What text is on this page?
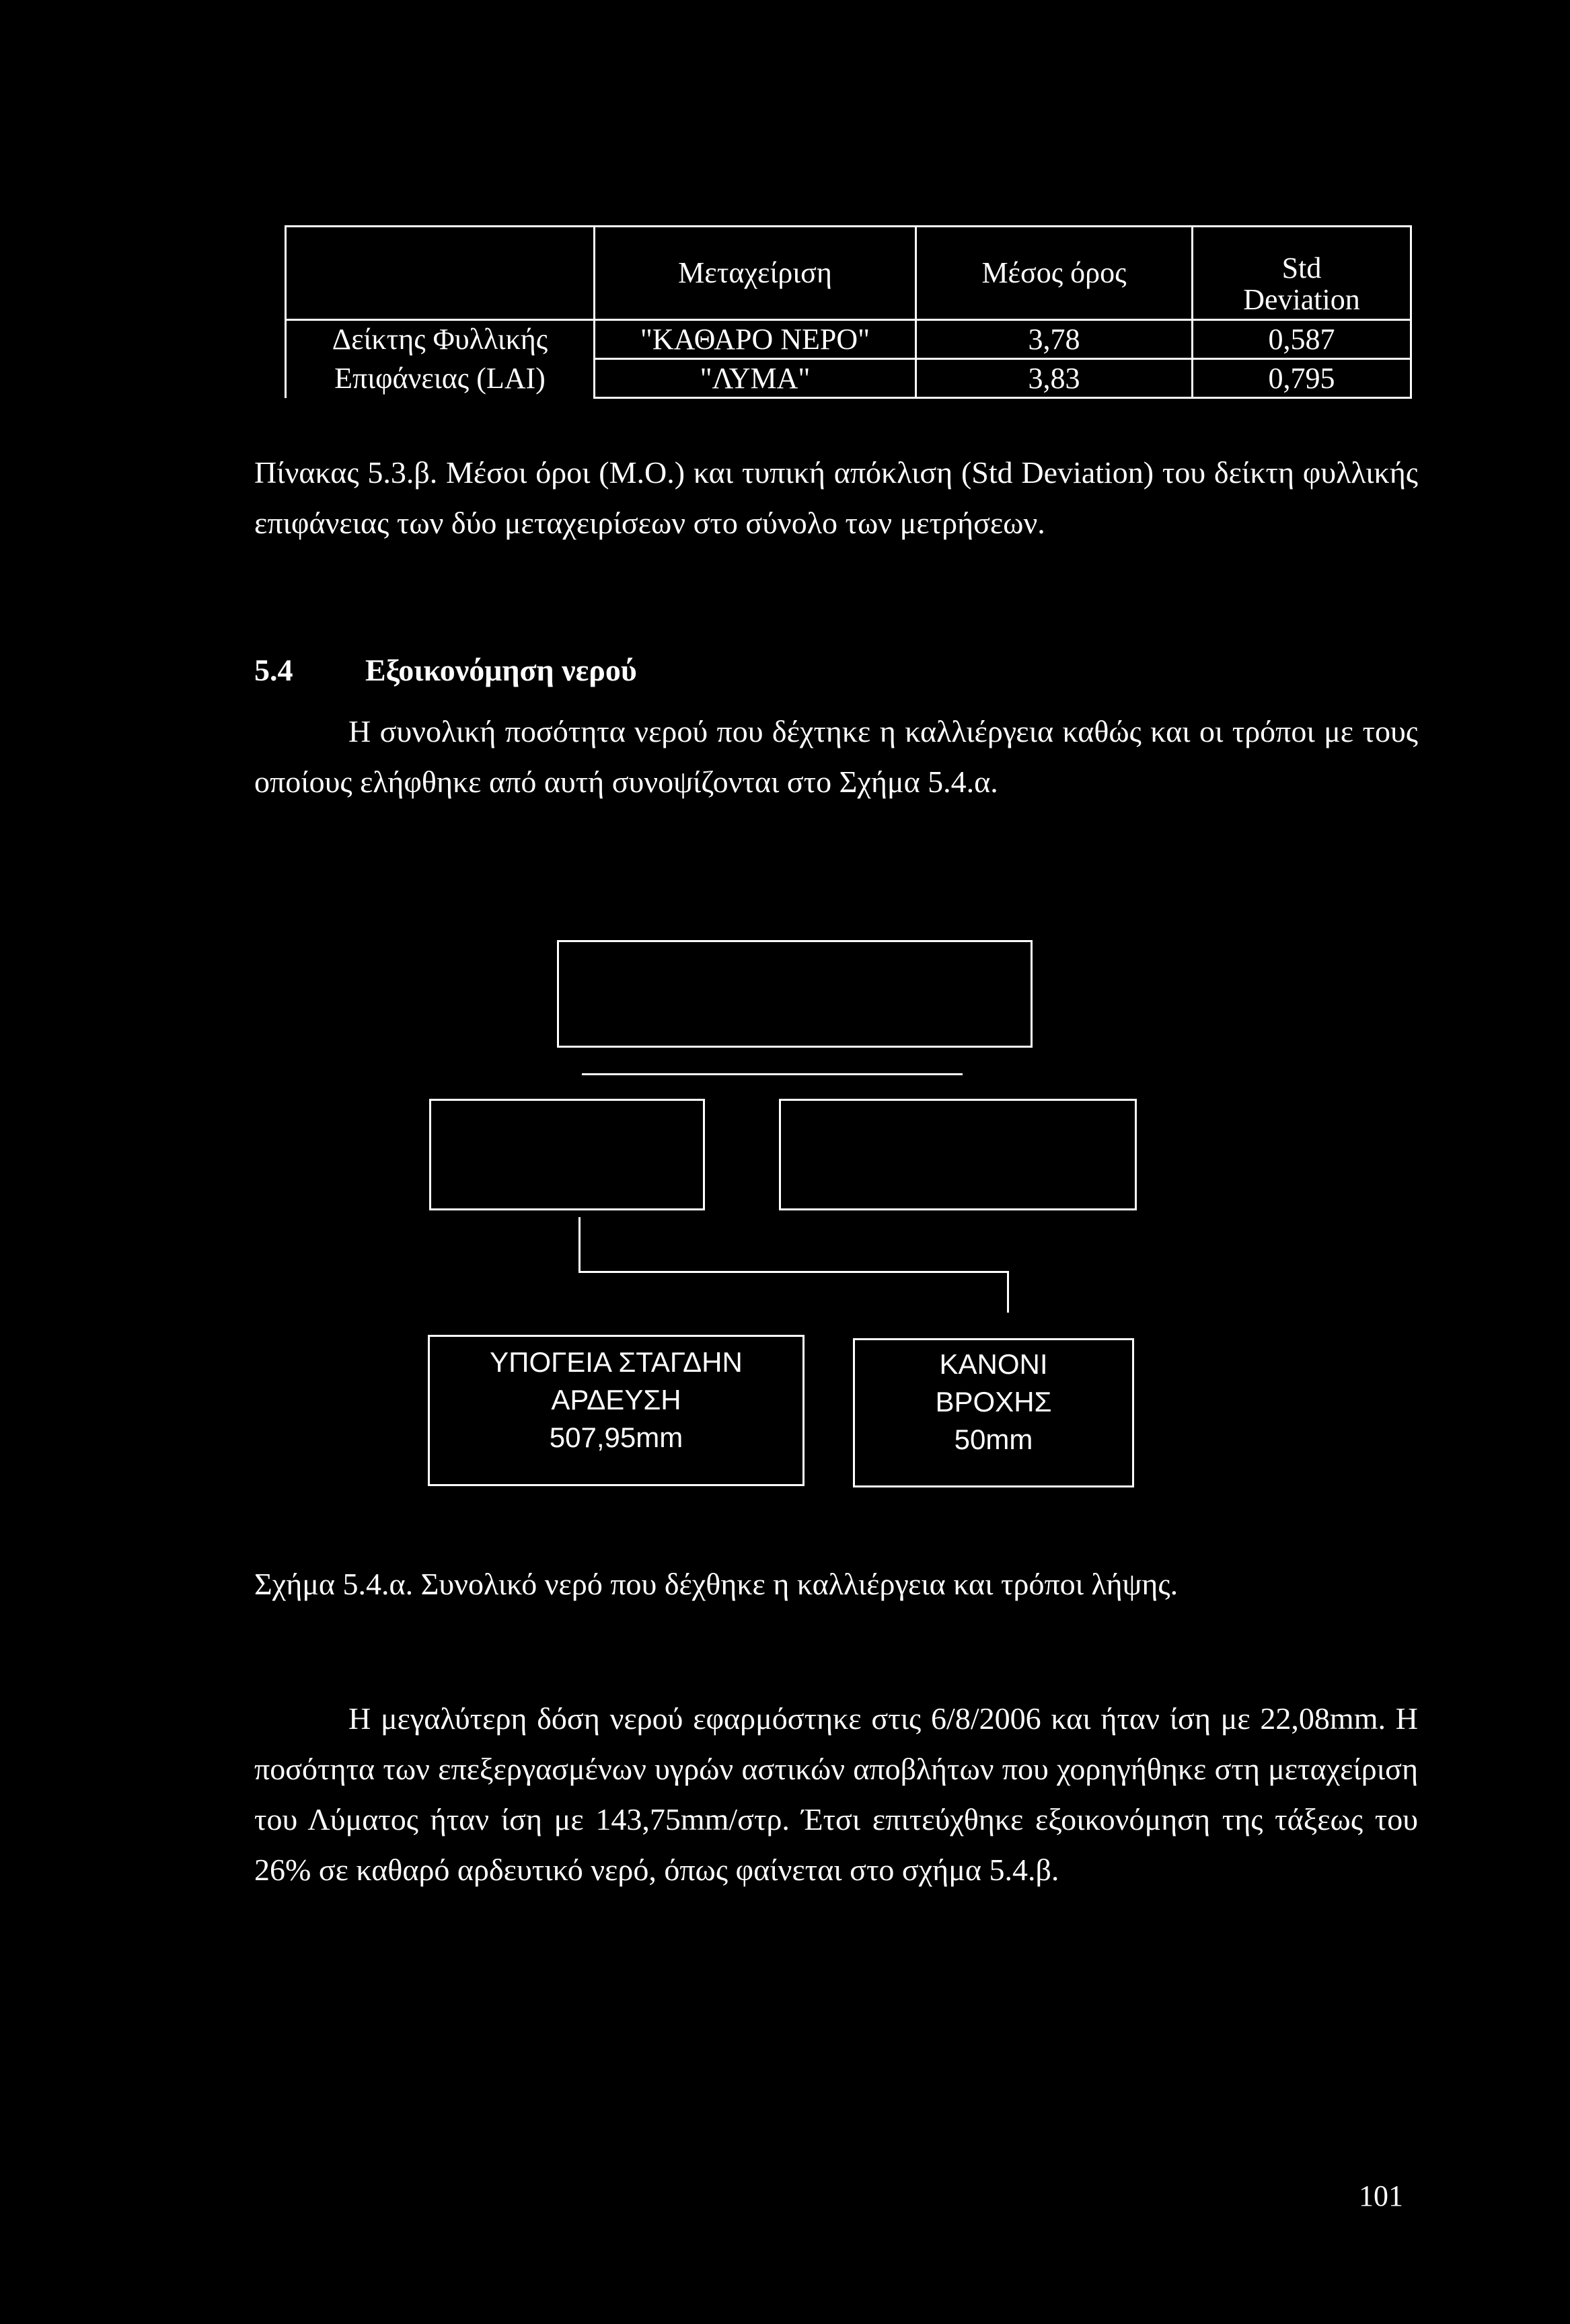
	Μεταχείριση	Μέσος όρος	Std
Deviation
Δείκτης Φυλλικής	"ΚΑΘΑΡΟ ΝΕΡΟ"	3,78	0,587
Επιφάνειας (LAI)	"ΛΥΜΑ"	3,83	0,795

Πίνακας 5.3.β. Μέσοι όροι (Μ.Ο.) και τυπική απόκλιση (Std Deviation) του δείκτη φυλλικής επιφάνειας των δύο μεταχειρίσεων στο σύνολο των μετρήσεων.

5.4 Εξοικονόμηση νερού

Η συνολική ποσότητα νερού που δέχτηκε η καλλιέργεια καθώς και οι τρόποι με τους οποίους ελήφθηκε από αυτή συνοψίζονται στο Σχήμα 5.4.α.

ΥΠΟΓΕΙΑ ΣΤΑΓΔΗΝ
ΑΡΔΕΥΣΗ
507,95mm
ΚΑΝΟΝΙ
ΒΡΟΧΗΣ
50mm

Σχήμα 5.4.α. Συνολικό νερό που δέχθηκε η καλλιέργεια και τρόποι λήψης.

Η μεγαλύτερη δόση νερού εφαρμόστηκε στις 6/8/2006 και ήταν ίση με 22,08mm. Η ποσότητα των επεξεργασμένων υγρών αστικών αποβλήτων που χορηγήθηκε στη μεταχείριση του Λύματος ήταν ίση με 143,75mm/στρ. Έτσι επιτεύχθηκε εξοικονόμηση της τάξεως του 26% σε καθαρό αρδευτικό νερό, όπως φαίνεται στο σχήμα 5.4.β.

101
